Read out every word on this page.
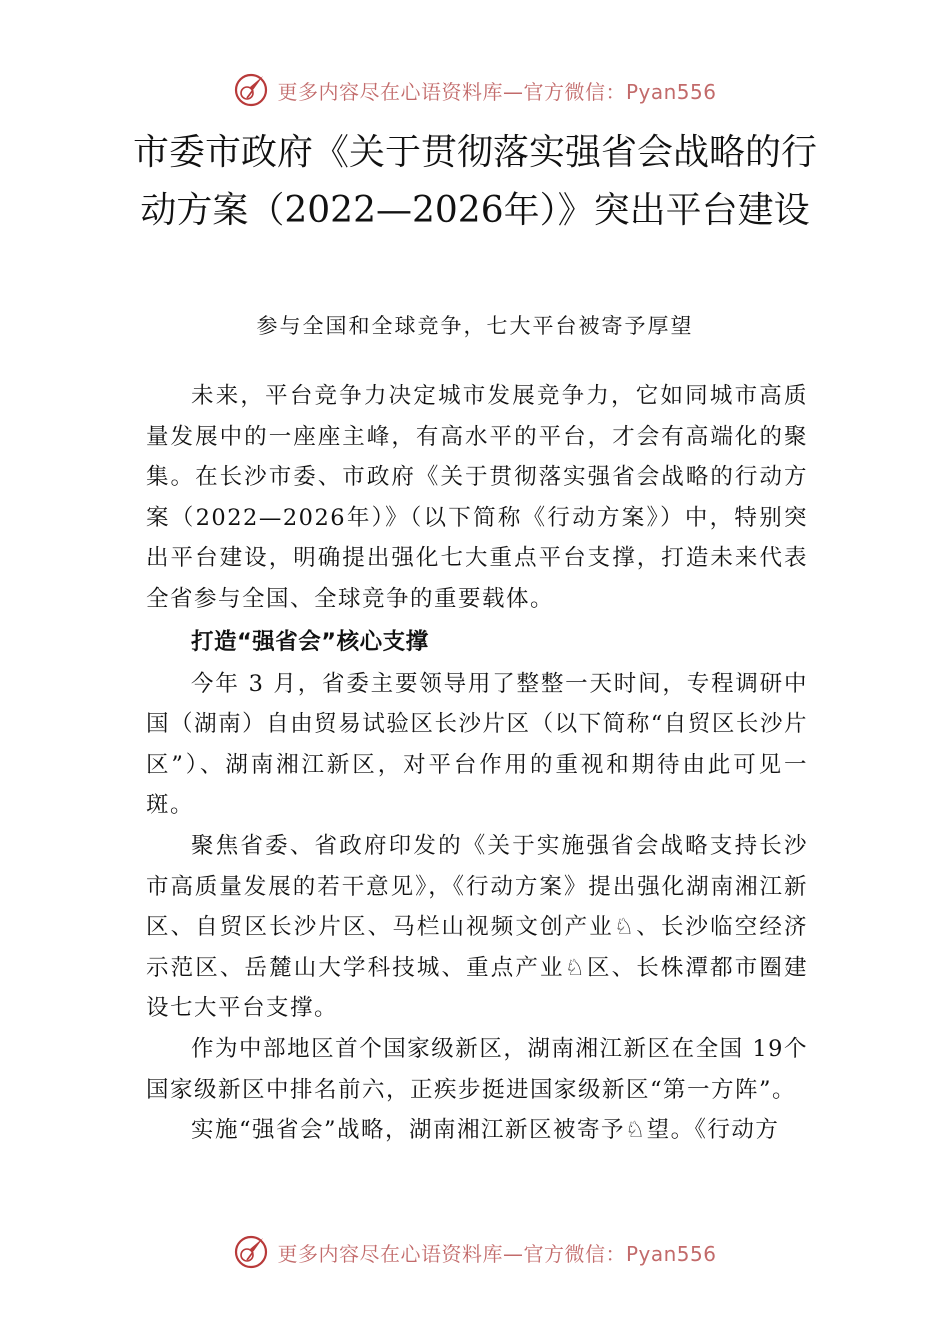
更多内容尽在心语资料库—官方微信：Pyan556
市委市政府《关于贯彻落实强省会战略的行动方案（2022—2026年）》突出平台建设

参与全国和全球竞争，七大平台被寄予厚望

未来，平台竞争力决定城市发展竞争力，它如同城市高质量发展中的一座座主峰，有高水平的平台，才会有高端化的聚集。在长沙市委、市政府《关于贯彻落实强省会战略的行动方案（2022—2026年）》（以下简称《行动方案》）中，特别突出平台建设，明确提出强化七大重点平台支撑，打造未来代表全省参与全国、全球竞争的重要载体。

打造“强省会”核心支撑

今年 3 月，省委主要领导用了整整一天时间，专程调研中国（湖南）自由贸易试验区长沙片区（以下简称“自贸区长沙片区”）、湖南湘江新区，对平台作用的重视和期待由此可见一斑。

聚焦省委、省政府印发的《关于实施强省会战略支持长沙市高质量发展的若干意见》，《行动方案》提出强化湖南湘江新区、自贸区长沙片区、马栏山视频文创产业♘、长沙临空经济示范区、岳麓山大学科技城、重点产业♘区、长株潭都市圈建设七大平台支撑。

作为中部地区首个国家级新区，湖南湘江新区在全国 19个国家级新区中排名前六，正疾步挺进国家级新区“第一方阵”。

实施“强省会”战略，湖南湘江新区被寄予♘望。《行动方

更多内容尽在心语资料库—官方微信：Pyan556
